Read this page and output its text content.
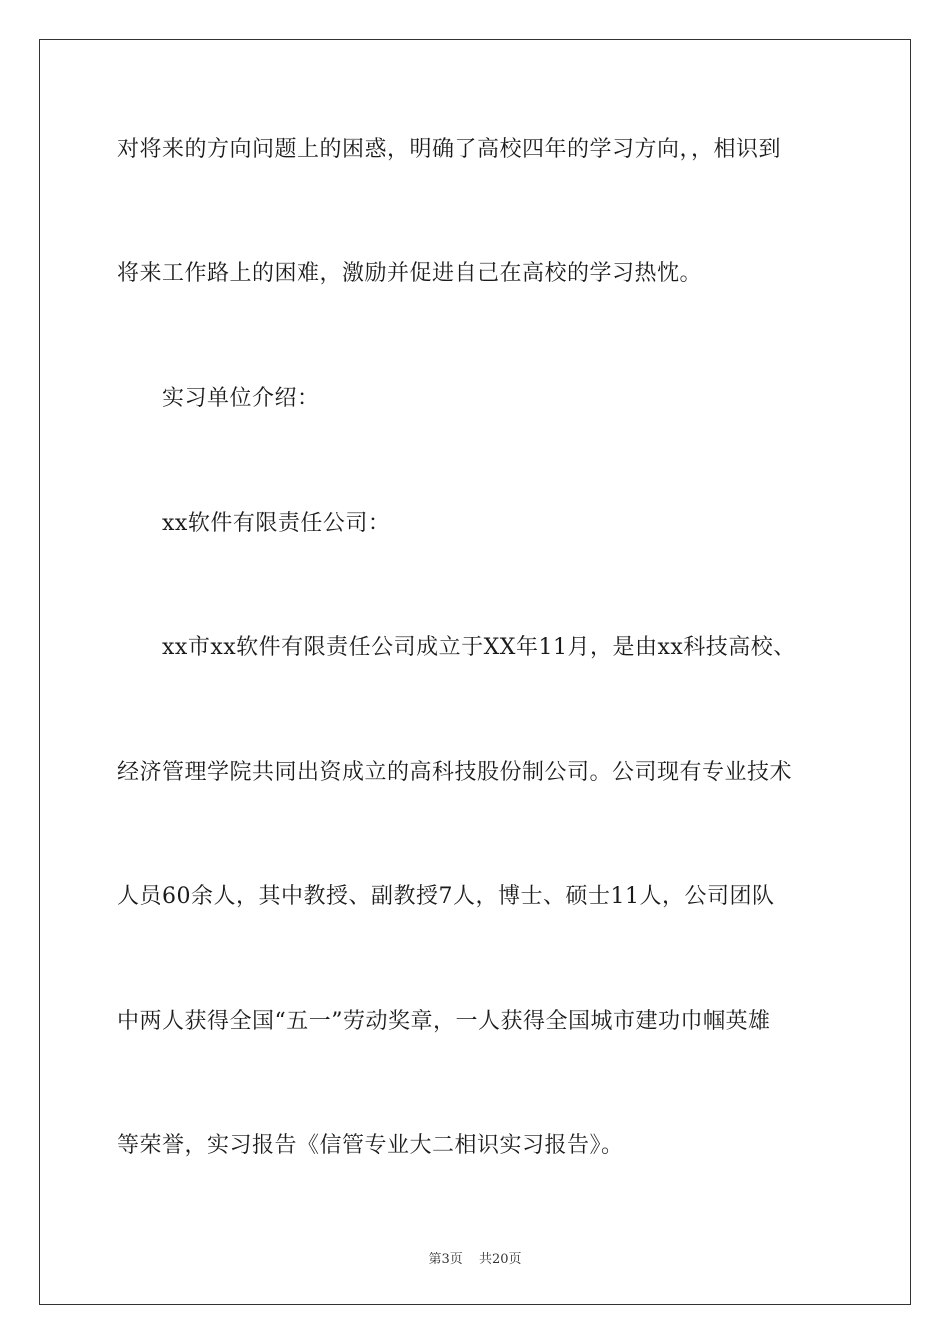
对将来的方向问题上的困惑，明确了高校四年的学习方向，，相识到
将来工作路上的困难，激励并促进自己在高校的学习热忱。
实习单位介绍：
xx软件有限责任公司：
xx市xx软件有限责任公司成立于XX年11月，是由xx科技高校、
经济管理学院共同出资成立的高科技股份制公司。公司现有专业技术
人员60余人，其中教授、副教授7人，博士、硕士11人，公司团队
中两人获得全国“五一”劳动奖章，一人获得全国城市建功巾帼英雄
等荣誉，实习报告《信管专业大二相识实习报告》。
第3页 共20页
